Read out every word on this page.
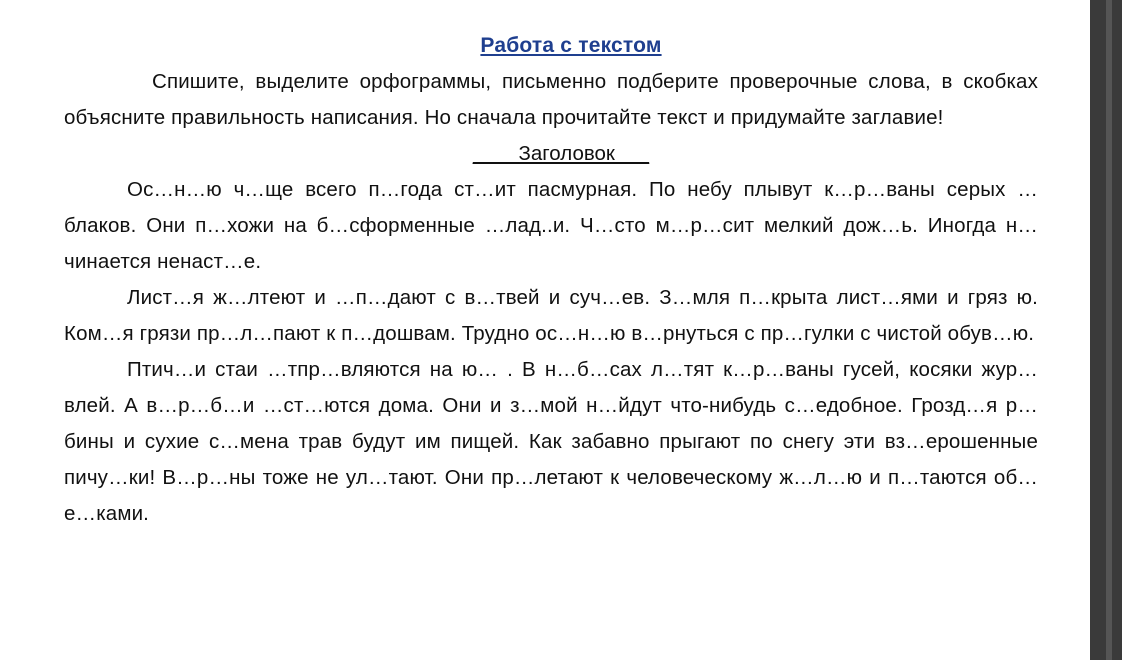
Работа с текстом

Спишите, выделите орфограммы, письменно подберите проверочные слова, в скобках объясните правильность написания. Но сначала прочитайте текст и придумайте заглавие!

____Заголовок___

Ос…н…ю ч…ще всего п…года ст…ит пасмурная. По небу плывут к…р…ваны серых …блаков. Они п…хожи на б…сформенные …лад..и. Ч…сто м…р…сит мелкий дож…ь. Иногда н…чинается ненаст…е.

Лист…я ж…лтеют и …п…дают с в…твей и суч…ев. З…мля п…крыта лист…ями и гряз ю. Ком…я грязи пр…л…пают к п…дошвам. Трудно ос…н…ю в…рнуться с пр…гулки с чистой обув…ю.

Птич…и стаи …тпр…вляются на ю… . В н…б…сах л…тят к…р…ваны гусей, косяки жур…влей. А в…р…б…и …ст…ются дома. Они и з…мой н…йдут что-нибудь с…едобное. Грозд…я р…бины и сухие с…мена трав будут им пищей. Как забавно прыгают по снегу эти вз…ерошенные пичу…ки! В…р…ны тоже не ул…тают. Они пр…летают к человеческому ж…л…ю и п…таются об…е…ками.
